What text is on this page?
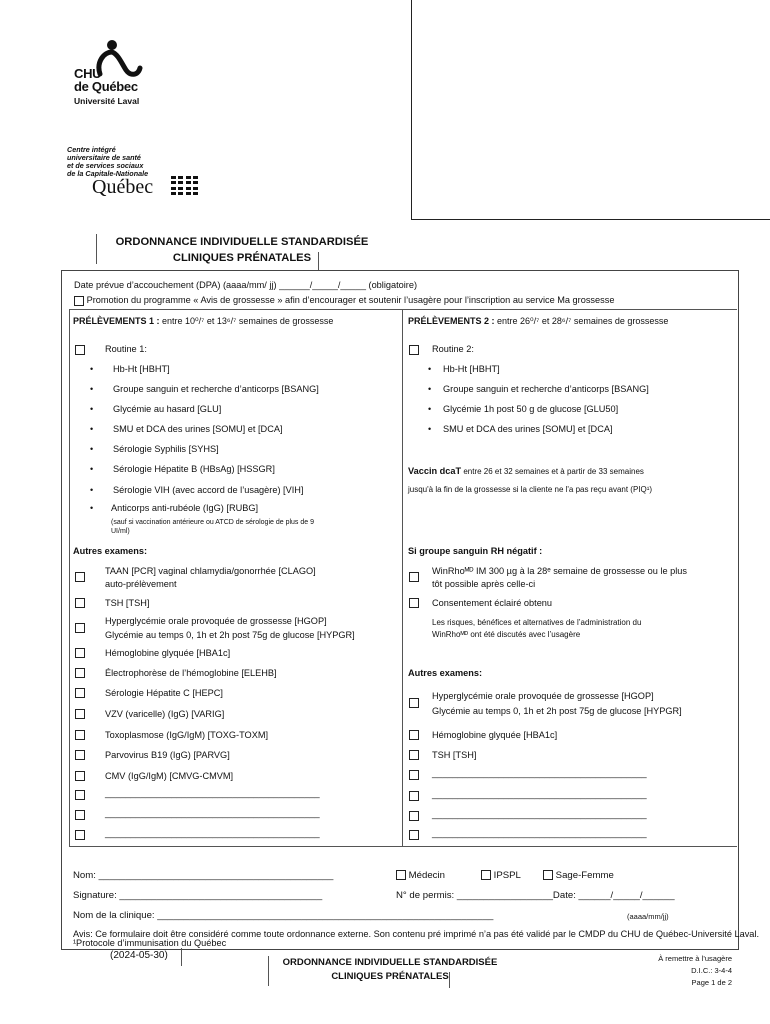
CHU
de Québec
Université Laval
Centre intégré
universitaire de santé
et de services sociaux
de la Capitale-Nationale
Québec
ORDONNANCE INDIVIDUELLE STANDARDISÉE
CLINIQUES PRÉNATALES
Date prévue d’accouchement (DPA) (aaaa/mm/ jj) ______/_____/_____ (obligatoire)
Promotion du programme « Avis de grossesse » afin d’encourager et soutenir l’usagère pour l’inscription au service Ma grossesse
PRÉLÈVEMENTS 1 : entre 10⁰/⁷ et 13⁶/⁷ semaines de grossesse
Routine 1:
• Hb-Ht [HBHT]
• Groupe sanguin et recherche d’anticorps [BSANG]
• Glycémie au hasard [GLU]
• SMU et DCA des urines [SOMU] et [DCA]
• Sérologie Syphilis [SYHS]
• Sérologie Hépatite B (HBsAg) [HSSGR]
• Sérologie VIH (avec accord de l’usagère) [VIH]
• Anticorps anti-rubéole (IgG) [RUBG]
(sauf si vaccination antérieure ou ATCD de sérologie de plus de 9
UI/ml)
Autres examens:
TAAN [PCR] vaginal chlamydia/gonorrhée [CLAGO]
auto-prélèvement
TSH [TSH]
Hyperglycémie orale provoquée de grossesse [HGOP]
Glycémie au temps 0, 1h et 2h post 75g de glucose [HYPGR]
Hémoglobine glyquée [HBA1c]
Électrophorèse de l’hémoglobine [ELEHB]
Sérologie Hépatite C [HEPC]
VZV (varicelle) (IgG) [VARIG]
Toxoplasmose (IgG/IgM) [TOXG-TOXM]
Parvovirus B19 (IgG) [PARVG]
CMV (IgG/IgM) [CMVG-CMVM]
__________________________________________
__________________________________________
__________________________________________
PRÉLÈVEMENTS 2 : entre 26⁰/⁷ et 28⁶/⁷ semaines de grossesse
Routine 2:
• Hb-Ht [HBHT]
• Groupe sanguin et recherche d’anticorps [BSANG]
• Glycémie 1h post 50 g de glucose [GLU50]
• SMU et DCA des urines [SOMU] et [DCA]
Vaccin dcaT entre 26 et 32 semaines et à partir de 33 semaines
jusqu'à la fin de la grossesse si la cliente ne l'a pas reçu avant (PIQ¹)
Si groupe sanguin RH négatif :
WinRhoᴹᴰ IM 300 µg à la 28ᵉ semaine de grossesse ou le plus
tôt possible après celle-ci
Consentement éclairé obtenu
Les risques, bénéfices et alternatives de l’administration du
WinRhoᴹᴰ ont été discutés avec l’usagère
Autres examens:
Hyperglycémie orale provoquée de grossesse [HGOP]
Glycémie au temps 0, 1h et 2h post 75g de glucose [HYPGR]
Hémoglobine glyquée [HBA1c]
TSH [TSH]
__________________________________________
__________________________________________
__________________________________________
__________________________________________
Nom: ____________________________________________	Médecin	IPSPL	Sage-Femme
Signature: ______________________________________	N° de permis: __________________Date: ______/_____/______
Nom de la clinique: _______________________________________________________________	(aaaa/mm/jj)
Avis: Ce formulaire doit être considéré comme toute ordonnance externe. Son contenu pré imprimé n’a pas été validé par le CMDP du CHU de Québec-Université Laval.
¹Protocole d’immunisation du Québec
(2024-05-30)
ORDONNANCE INDIVIDUELLE STANDARDISÉE
CLINIQUES PRÉNATALES
À remettre à l’usagère
D.I.C.: 3-4-4
Page 1 de 2
